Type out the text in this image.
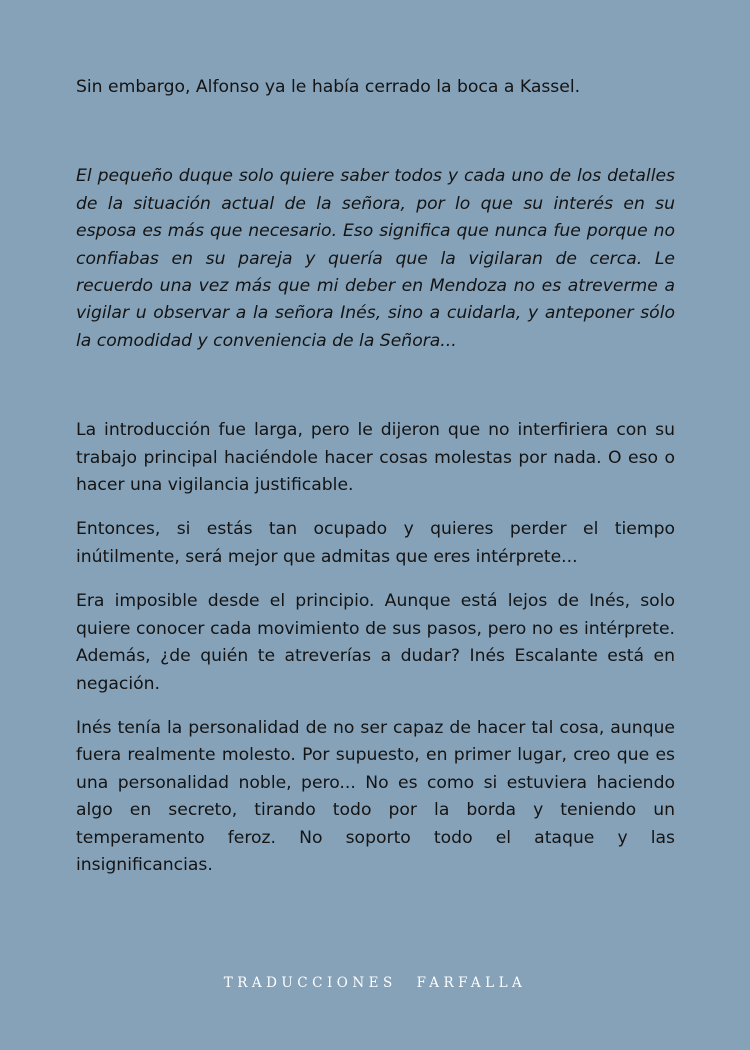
Sin embargo, Alfonso ya le había cerrado la boca a Kassel.

El pequeño duque solo quiere saber todos y cada uno de los detalles de la situación actual de la señora, por lo que su interés en su esposa es más que necesario. Eso significa que nunca fue porque no confiabas en su pareja y quería que la vigilaran de cerca. Le recuerdo una vez más que mi deber en Mendoza no es atreverme a vigilar u observar a la señora Inés, sino a cuidarla, y anteponer sólo la comodidad y conveniencia de la Señora...

La introducción fue larga, pero le dijeron que no interfiriera con su trabajo principal haciéndole hacer cosas molestas por nada. O eso o hacer una vigilancia justificable.

Entonces, si estás tan ocupado y quieres perder el tiempo inútilmente, será mejor que admitas que eres intérprete...

Era imposible desde el principio. Aunque está lejos de Inés, solo quiere conocer cada movimiento de sus pasos, pero no es intérprete. Además, ¿de quién te atreverías a dudar? Inés Escalante está en negación.

Inés tenía la personalidad de no ser capaz de hacer tal cosa, aunque fuera realmente molesto. Por supuesto, en primer lugar, creo que es una personalidad noble, pero... No es como si estuviera haciendo algo en secreto, tirando todo por la borda y teniendo un temperamento feroz. No soporto todo el ataque y las insignificancias.

TRADUCCIONES FARFALLA
